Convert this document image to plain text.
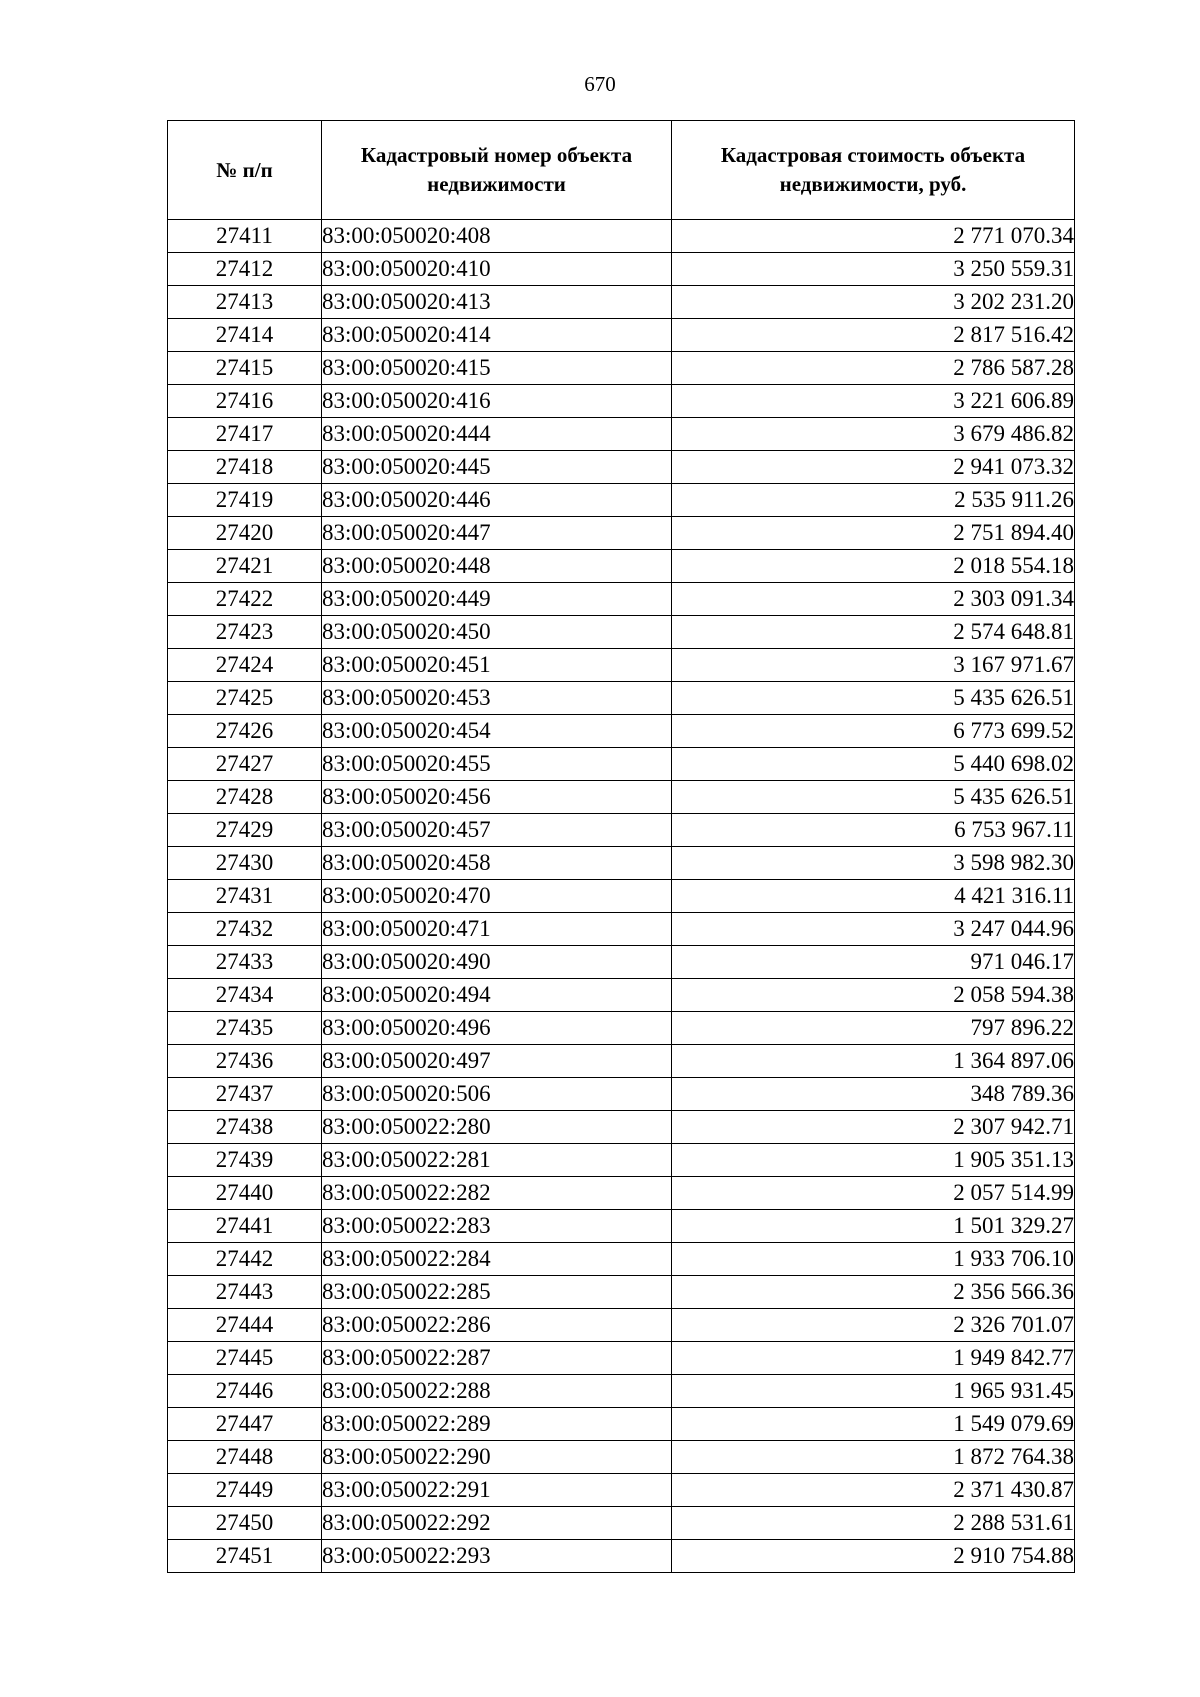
670
№ п/п	Кадастровый номер объекта недвижимости	Кадастровая стоимость объекта недвижимости, руб.
27411	83:00:050020:408	2 771 070.34
27412	83:00:050020:410	3 250 559.31
27413	83:00:050020:413	3 202 231.20
27414	83:00:050020:414	2 817 516.42
27415	83:00:050020:415	2 786 587.28
27416	83:00:050020:416	3 221 606.89
27417	83:00:050020:444	3 679 486.82
27418	83:00:050020:445	2 941 073.32
27419	83:00:050020:446	2 535 911.26
27420	83:00:050020:447	2 751 894.40
27421	83:00:050020:448	2 018 554.18
27422	83:00:050020:449	2 303 091.34
27423	83:00:050020:450	2 574 648.81
27424	83:00:050020:451	3 167 971.67
27425	83:00:050020:453	5 435 626.51
27426	83:00:050020:454	6 773 699.52
27427	83:00:050020:455	5 440 698.02
27428	83:00:050020:456	5 435 626.51
27429	83:00:050020:457	6 753 967.11
27430	83:00:050020:458	3 598 982.30
27431	83:00:050020:470	4 421 316.11
27432	83:00:050020:471	3 247 044.96
27433	83:00:050020:490	971 046.17
27434	83:00:050020:494	2 058 594.38
27435	83:00:050020:496	797 896.22
27436	83:00:050020:497	1 364 897.06
27437	83:00:050020:506	348 789.36
27438	83:00:050022:280	2 307 942.71
27439	83:00:050022:281	1 905 351.13
27440	83:00:050022:282	2 057 514.99
27441	83:00:050022:283	1 501 329.27
27442	83:00:050022:284	1 933 706.10
27443	83:00:050022:285	2 356 566.36
27444	83:00:050022:286	2 326 701.07
27445	83:00:050022:287	1 949 842.77
27446	83:00:050022:288	1 965 931.45
27447	83:00:050022:289	1 549 079.69
27448	83:00:050022:290	1 872 764.38
27449	83:00:050022:291	2 371 430.87
27450	83:00:050022:292	2 288 531.61
27451	83:00:050022:293	2 910 754.88
